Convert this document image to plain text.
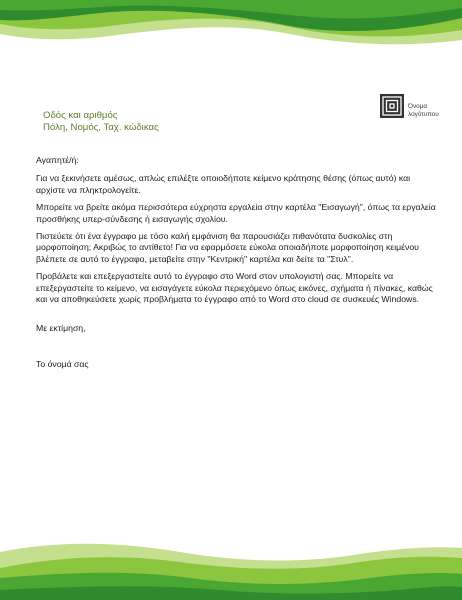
Οδός και αριθμός
Πόλη, Νομός, Ταχ. κώδικας
Όνομα
λογότυπου

Αγαπητέ/ή:

Για να ξεκινήσετε αμέσως, απλώς επιλέξτε οποιοδήποτε κείμενο κράτησης θέσης (όπως αυτό) και αρχίστε να πληκτρολογείτε.

Μπορείτε να βρείτε ακόμα περισσότερα εύχρηστα εργαλεία στην καρτέλα "Εισαγωγή", όπως τα εργαλεία προσθήκης υπερ-σύνδεσης ή εισαγωγής σχολίου.

Πιστεύετε ότι ένα έγγραφο με τόσο καλή εμφάνιση θα παρουσιάζει πιθανότατα δυσκολίες στη μορφοποίηση; Ακριβώς το αντίθετο! Για να εφαρμόσετε εύκολα οποιαδήποτε μορφοποίηση κειμένου βλέπετε σε αυτό το έγγραφο, μεταβείτε στην "Κεντρική" καρτέλα και δείτε τα "Στυλ".

Προβάλετε και επεξεργαστείτε αυτό το έγγραφο στο Word στον υπολογιστή σας. Μπορείτε να επεξεργαστείτε το κείμενο, να εισαγάγετε εύκολα περιεχόμενο όπως εικόνες, σχήματα ή πίνακες, καθώς και να αποθηκεύσετε χωρίς προβλήματα το έγγραφο από το Word στο cloud σε συσκευές Windows.

Με εκτίμηση,

Το όνομά σας
